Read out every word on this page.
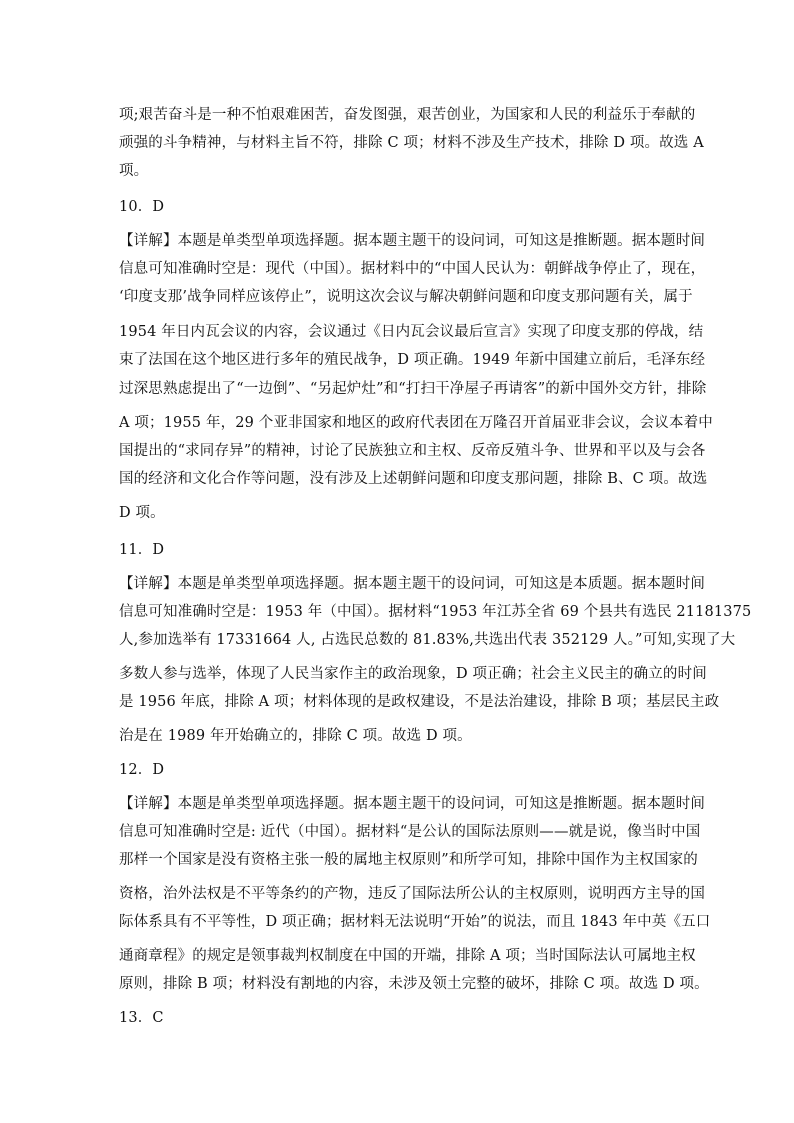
项;艰苦奋斗是一种不怕艰难困苦，奋发图强，艰苦创业，为国家和人民的利益乐于奉献的
顽强的斗争精神，与材料主旨不符，排除 C 项；材料不涉及生产技术，排除 D 项。故选 A
项。
10．D
【详解】本题是单类型单项选择题。据本题主题干的设问词，可知这是推断题。据本题时间
信息可知准确时空是：现代（中国）。据材料中的“中国人民认为：朝鲜战争停止了，现在，
‘印度支那’战争同样应该停止”，说明这次会议与解决朝鲜问题和印度支那问题有关，属于
1954 年日内瓦会议的内容，会议通过《日内瓦会议最后宣言》实现了印度支那的停战，结
束了法国在这个地区进行多年的殖民战争，D 项正确。1949 年新中国建立前后，毛泽东经
过深思熟虑提出了“一边倒”、“另起炉灶”和“打扫干净屋子再请客”的新中国外交方针，排除
A 项；1955 年，29 个亚非国家和地区的政府代表团在万隆召开首届亚非会议，会议本着中
国提出的“求同存异”的精神，讨论了民族独立和主权、反帝反殖斗争、世界和平以及与会各
国的经济和文化合作等问题，没有涉及上述朝鲜问题和印度支那问题，排除 B、C 项。故选
D 项。
11．D
【详解】本题是单类型单项选择题。据本题主题干的设问词，可知这是本质题。据本题时间
信息可知准确时空是：1953 年（中国）。据材料“1953 年江苏全省 69 个县共有选民 21181375
人,参加选举有 17331664 人, 占选民总数的 81.83%,共选出代表 352129 人。”可知,实现了大
多数人参与选举，体现了人民当家作主的政治现象，D 项正确；社会主义民主的确立的时间
是 1956 年底，排除 A 项；材料体现的是政权建设，不是法治建设，排除 B 项；基层民主政
治是在 1989 年开始确立的，排除 C 项。故选 D 项。
12．D
【详解】本题是单类型单项选择题。据本题主题干的设问词，可知这是推断题。据本题时间
信息可知准确时空是: 近代（中国）。据材料“是公认的国际法原则——就是说，像当时中国
那样一个国家是没有资格主张一般的属地主权原则”和所学可知，排除中国作为主权国家的
资格，治外法权是不平等条约的产物，违反了国际法所公认的主权原则，说明西方主导的国
际体系具有不平等性，D 项正确；据材料无法说明“开始”的说法，而且 1843 年中英《五口
通商章程》的规定是领事裁判权制度在中国的开端，排除 A 项；当时国际法认可属地主权
原则，排除 B 项；材料没有割地的内容，未涉及领土完整的破坏，排除 C 项。故选 D 项。
13．C
